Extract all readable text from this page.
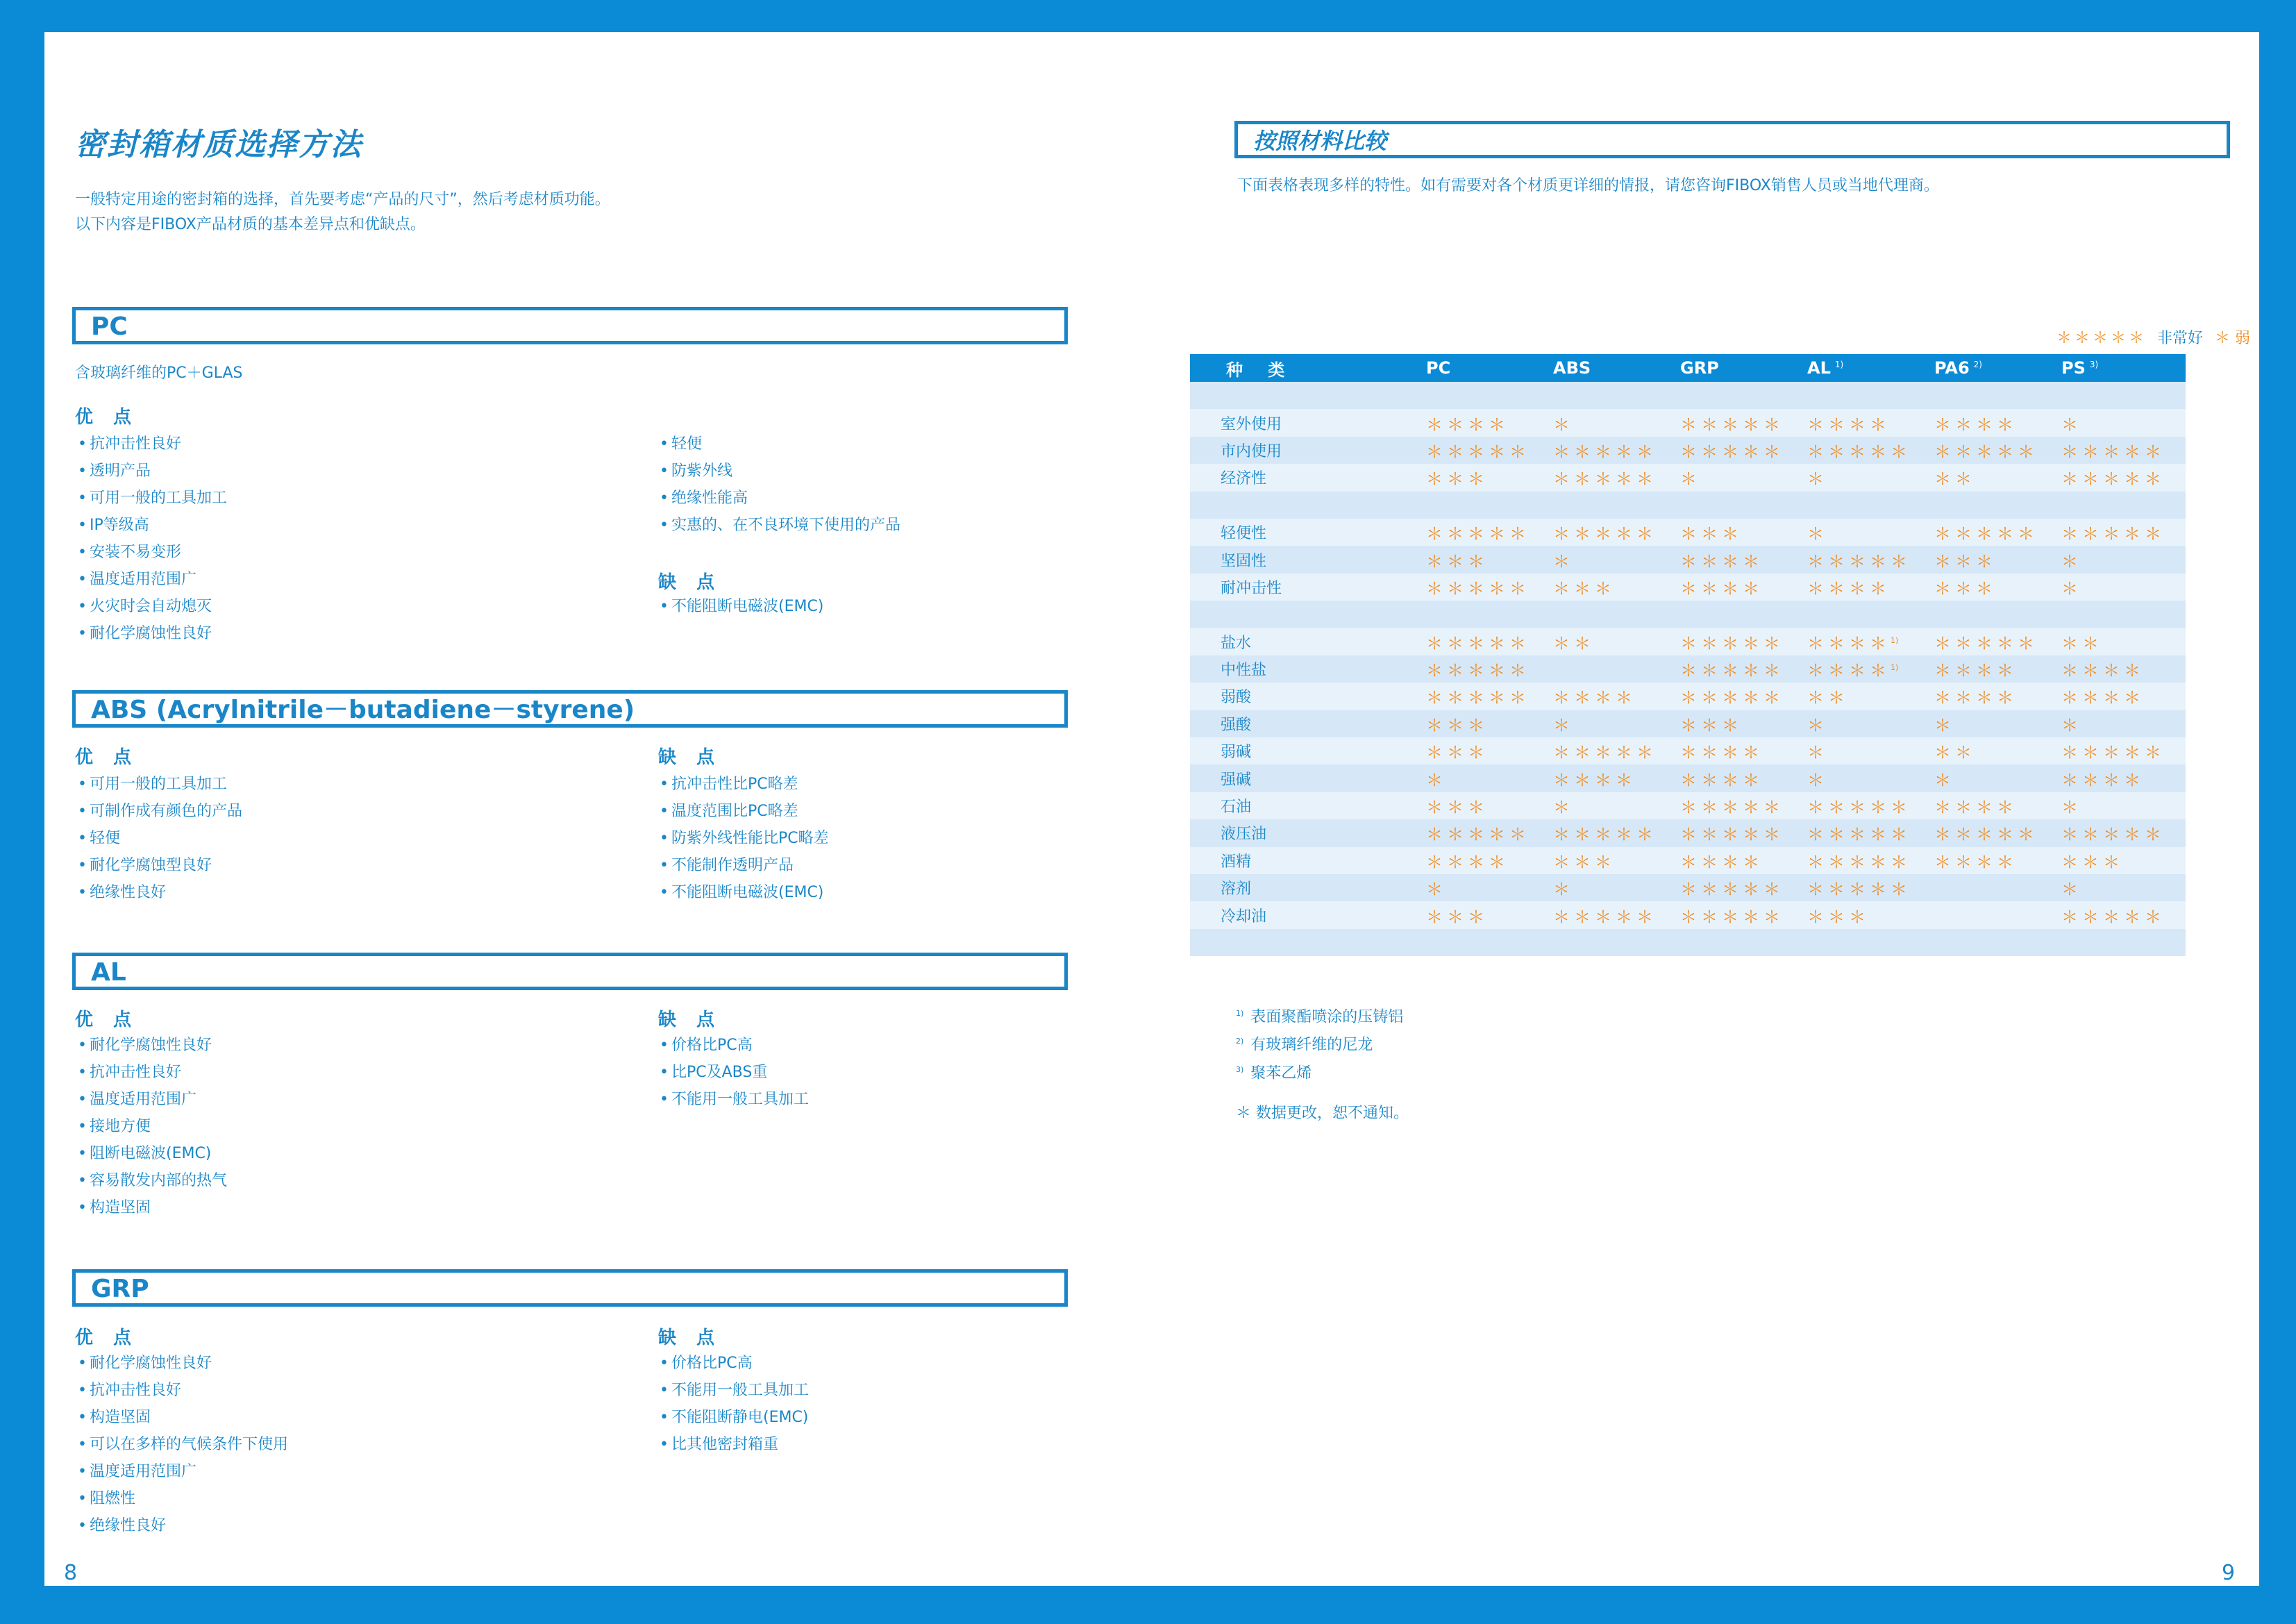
密封箱材质选择方法
一般特定用途的密封箱的选择，首先要考虑“产品的尺寸”，然后考虑材质功能。
以下内容是FIBOX产品材质的基本差异点和优缺点。
PC
含玻璃纤维的PC＋GLAS
优 点
• 抗冲击性良好
• 透明产品
• 可用一般的工具加工
• IP等级高
• 安装不易变形
• 温度适用范围广
• 火灾时会自动熄灭
• 耐化学腐蚀性良好
• 轻便
• 防紫外线
• 绝缘性能高
• 实惠的、在不良环境下使用的产品
缺 点
• 不能阻断电磁波(EMC)
ABS (Acrylnitrile－butadiene－styrene)
优 点
• 可用一般的工具加工
• 可制作成有颜色的产品
• 轻便
• 耐化学腐蚀型良好
• 绝缘性良好
缺 点
• 抗冲击性比PC略差
• 温度范围比PC略差
• 防紫外线性能比PC略差
• 不能制作透明产品
• 不能阻断电磁波(EMC)
AL
优 点
• 耐化学腐蚀性良好
• 抗冲击性良好
• 温度适用范围广
• 接地方便
• 阻断电磁波(EMC)
• 容易散发内部的热气
• 构造坚固
缺 点
• 价格比PC高
• 比PC及ABS重
• 不能用一般工具加工
GRP
优 点
• 耐化学腐蚀性良好
• 抗冲击性良好
• 构造坚固
• 可以在多样的气候条件下使用
• 温度适用范围广
• 阻燃性
• 绝缘性良好
缺 点
• 价格比PC高
• 不能用一般工具加工
• 不能阻断静电(EMC)
• 比其他密封箱重
8
按照材料比较
下面表格表现多样的特性。如有需要对各个材质更详细的情报，请您咨询FIBOX销售人员或当地代理商。
＊＊＊＊＊ 非常好 ＊ 弱
种 类	PC	ABS	GRP	AL $^{1)}$	PA6 $^{2)}$	PS $^{3)}$

室外使用	＊＊＊＊	＊	＊＊＊＊＊	＊＊＊＊	＊＊＊＊	＊
市内使用	＊＊＊＊＊	＊＊＊＊＊	＊＊＊＊＊	＊＊＊＊＊	＊＊＊＊＊	＊＊＊＊＊
经济性	＊＊＊	＊＊＊＊＊	＊	＊	＊＊	＊＊＊＊＊

轻便性	＊＊＊＊＊	＊＊＊＊＊	＊＊＊	＊	＊＊＊＊＊	＊＊＊＊＊
坚固性	＊＊＊	＊	＊＊＊＊	＊＊＊＊＊	＊＊＊	＊
耐冲击性	＊＊＊＊＊	＊＊＊	＊＊＊＊	＊＊＊＊	＊＊＊	＊

盐水	＊＊＊＊＊	＊＊	＊＊＊＊＊	＊＊＊＊$^{1)}$	＊＊＊＊＊	＊＊
中性盐	＊＊＊＊＊		＊＊＊＊＊	＊＊＊＊$^{1)}$	＊＊＊＊	＊＊＊＊
弱酸	＊＊＊＊＊	＊＊＊＊	＊＊＊＊＊	＊＊	＊＊＊＊	＊＊＊＊
强酸	＊＊＊	＊	＊＊＊	＊	＊	＊
弱碱	＊＊＊	＊＊＊＊＊	＊＊＊＊	＊	＊＊	＊＊＊＊＊
强碱	＊	＊＊＊＊	＊＊＊＊	＊	＊	＊＊＊＊
石油	＊＊＊	＊	＊＊＊＊＊	＊＊＊＊＊	＊＊＊＊	＊
液压油	＊＊＊＊＊	＊＊＊＊＊	＊＊＊＊＊	＊＊＊＊＊	＊＊＊＊＊	＊＊＊＊＊
酒精	＊＊＊＊	＊＊＊	＊＊＊＊	＊＊＊＊＊	＊＊＊＊	＊＊＊
溶剂	＊	＊	＊＊＊＊＊	＊＊＊＊＊		＊
冷却油	＊＊＊	＊＊＊＊＊	＊＊＊＊＊	＊＊＊		＊＊＊＊＊

$^{1)}$ 表面聚酯喷涂的压铸铝
$^{2)}$ 有玻璃纤维的尼龙
$^{3)}$ 聚苯乙烯
＊ 数据更改，恕不通知。
9
